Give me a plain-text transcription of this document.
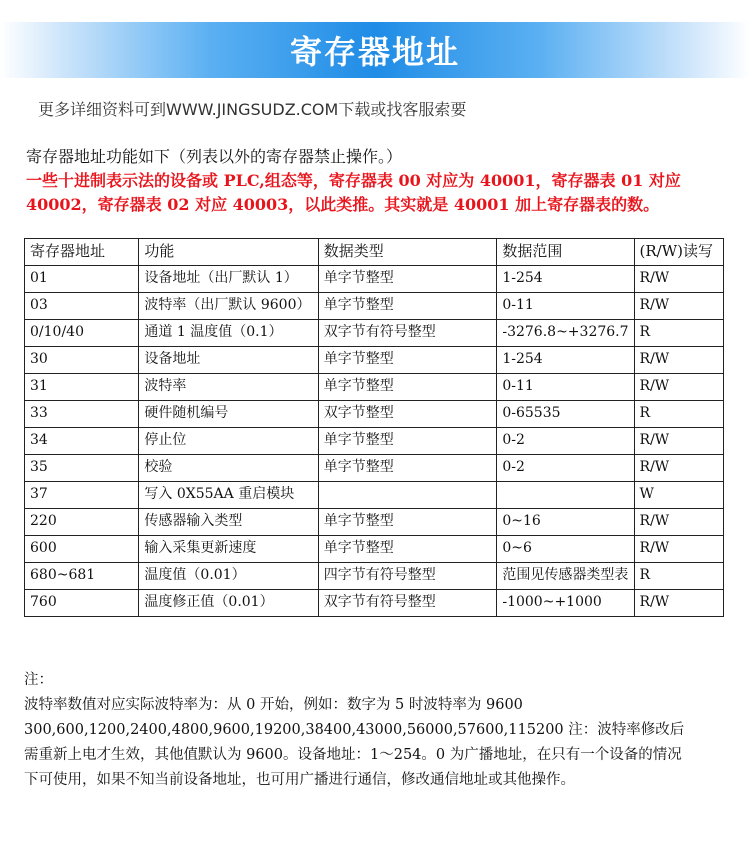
寄存器地址
更多详细资料可到WWW.JINGSUDZ.COM下载或找客服索要
寄存器地址功能如下（列表以外的寄存器禁止操作。）
一些十进制表示法的设备或 PLC,组态等，寄存器表 00 对应为 40001，寄存器表 01 对应 40002，寄存器表 02 对应 40003，以此类推。其实就是 40001 加上寄存器表的数。
寄存器地址	功能	数据类型	数据范围	(R/W)读写
01	设备地址（出厂默认 1）	单字节整型	1-254	R/W
03	波特率（出厂默认 9600）	单字节整型	0-11	R/W
0/10/40	通道 1 温度值（0.1）	双字节有符号整型	-3276.8~+3276.7	R
30	设备地址	单字节整型	1-254	R/W
31	波特率	单字节整型	0-11	R/W
33	硬件随机编号	双字节整型	0-65535	R
34	停止位	单字节整型	0-2	R/W
35	校验	单字节整型	0-2	R/W
37	写入 0X55AA 重启模块			W
220	传感器输入类型	单字节整型	0~16	R/W
600	输入采集更新速度	单字节整型	0~6	R/W
680~681	温度值（0.01）	四字节有符号整型	范围见传感器类型表	R
760	温度修正值（0.01）	双字节有符号整型	-1000~+1000	R/W

注：

波特率数值对应实际波特率为：从 0 开始，例如：数字为 5 时波特率为 9600

300,600,1200,2400,4800,9600,19200,38400,43000,56000,57600,115200 注：波特率修改后需重新上电才生效，其他值默认为 9600。设备地址：1～254。0 为广播地址，在只有一个设备的情况下可使用，如果不知当前设备地址，也可用广播进行通信，修改通信地址或其他操作。
